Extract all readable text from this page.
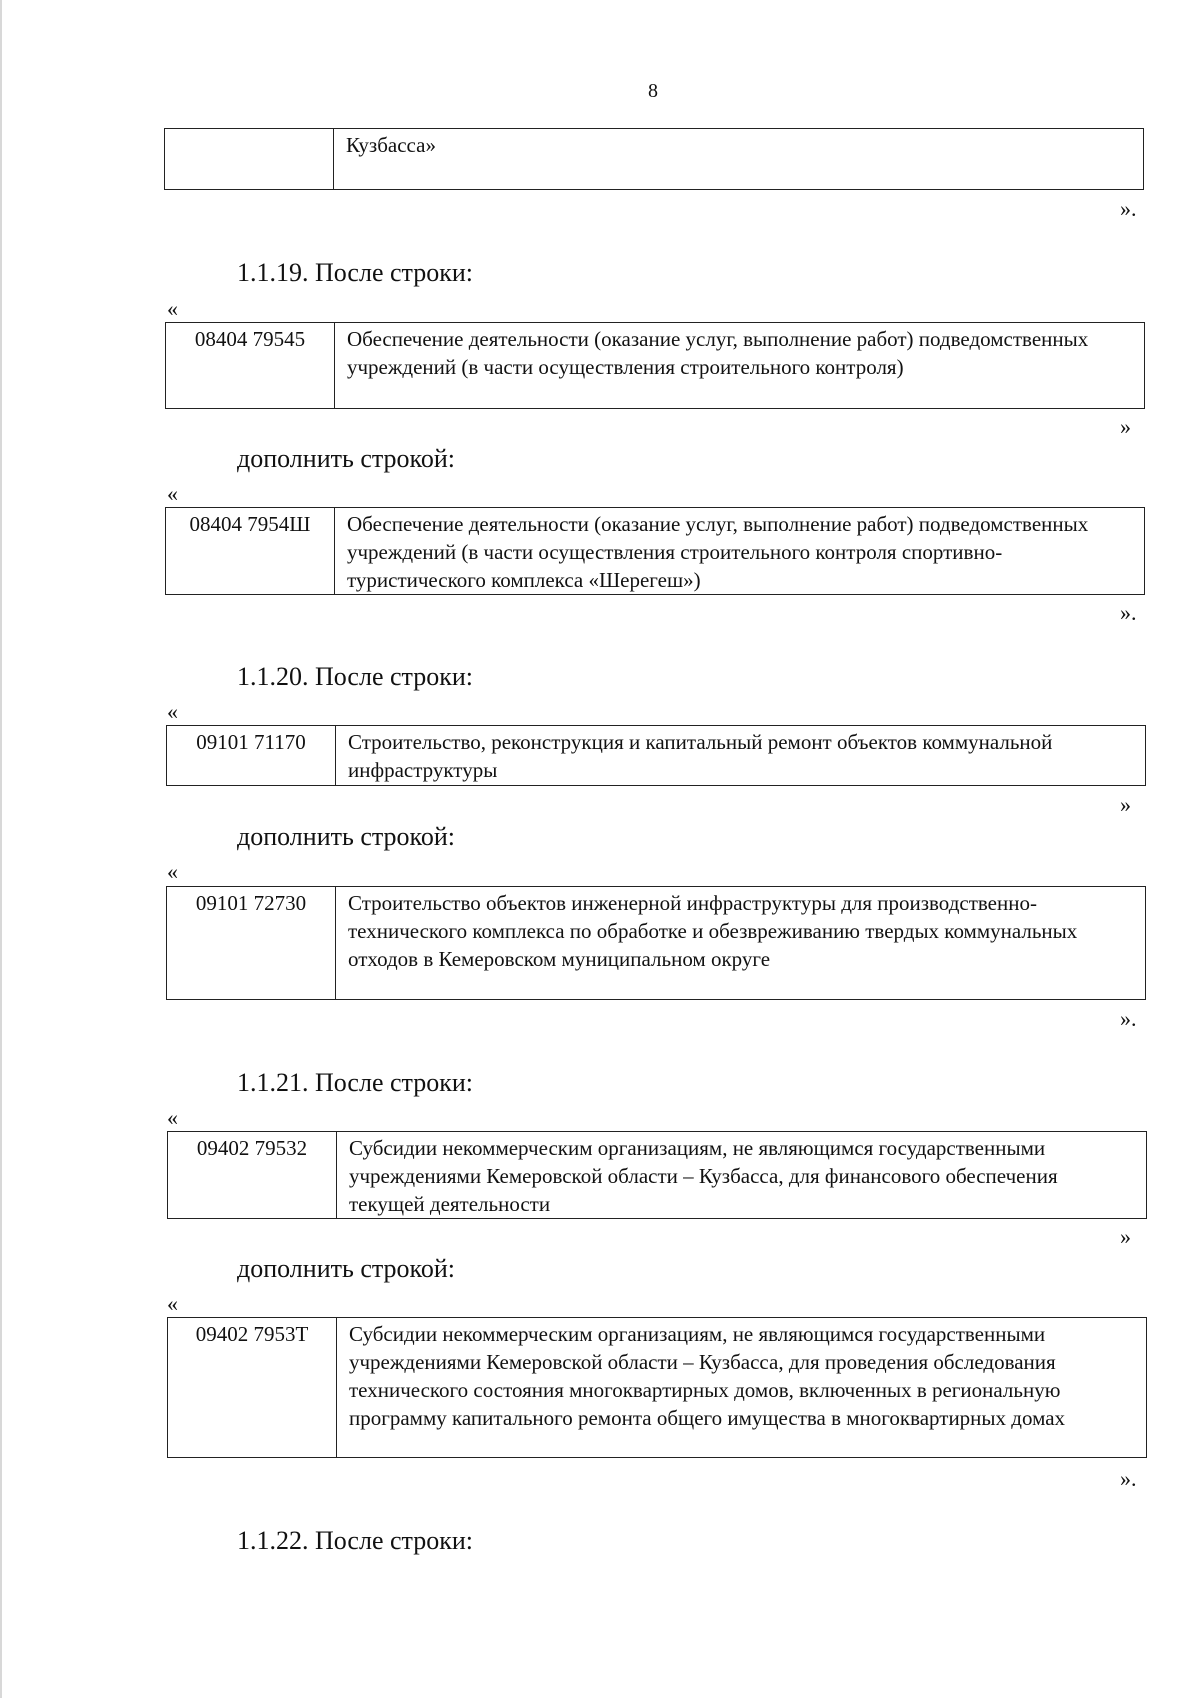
8
	Кузбасса»
».
1.1.19. После строки:
«
08404 79545	Обеспечение деятельности (оказание услуг, выполнение работ) подведомственных учреждений (в части осуществления строительного контроля)
»
дополнить строкой:
«
08404 7954Ш	Обеспечение деятельности (оказание услуг, выполнение работ) подведомственных учреждений (в части осуществления строительного контроля спортивно-туристического комплекса «Шерегеш»)
».
1.1.20. После строки:
«
09101 71170	Строительство, реконструкция и капитальный ремонт объектов коммунальной инфраструктуры
»
дополнить строкой:
«
09101 72730	Строительство объектов инженерной инфраструктуры для производственно-технического комплекса по обработке и обезвреживанию твердых коммунальных отходов в Кемеровском муниципальном округе
».
1.1.21. После строки:
«
09402 79532	Субсидии некоммерческим организациям, не являющимся государственными учреждениями Кемеровской области – Кузбасса, для финансового обеспечения текущей деятельности
»
дополнить строкой:
«
09402 7953Т	Субсидии некоммерческим организациям, не являющимся государственными учреждениями Кемеровской области – Кузбасса, для проведения обследования технического состояния многоквартирных домов, включенных в региональную программу капитального ремонта общего имущества в многоквартирных домах
».
1.1.22. После строки:
